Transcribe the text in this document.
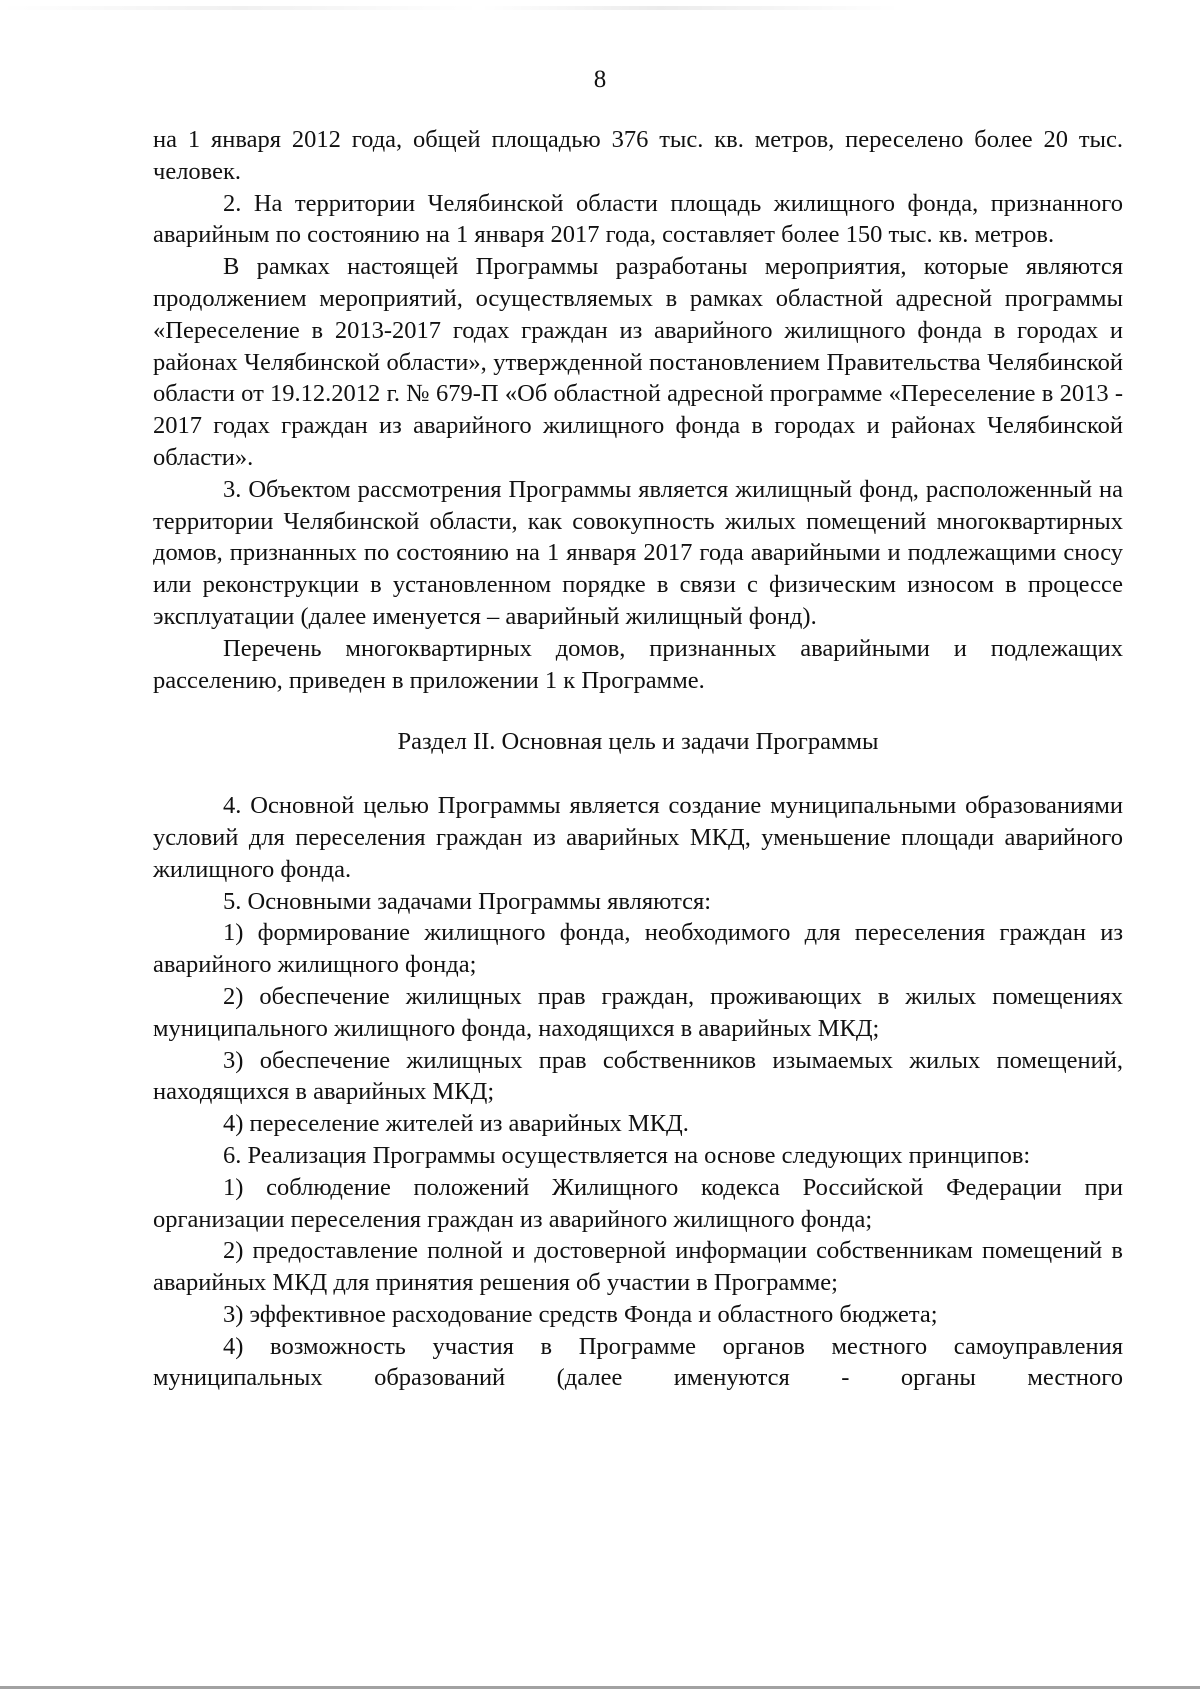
8

на 1 января 2012 года, общей площадью 376 тыс. кв. метров, переселено более 20 тыс. человек.

2. На территории Челябинской области площадь жилищного фонда, признанного аварийным по состоянию на 1 января 2017 года, составляет более 150 тыс. кв. метров.

В рамках настоящей Программы разработаны мероприятия, которые являются продолжением мероприятий, осуществляемых в рамках областной адресной программы «Переселение в 2013-2017 годах граждан из аварийного жилищного фонда в городах и районах Челябинской области», утвержденной постановлением Правительства Челябинской области от 19.12.2012 г. № 679-П «Об областной адресной программе «Переселение в 2013 - 2017 годах граждан из аварийного жилищного фонда в городах и районах Челябинской области».

3. Объектом рассмотрения Программы является жилищный фонд, расположенный на территории Челябинской области, как совокупность жилых помещений многоквартирных домов, признанных по состоянию на 1 января 2017 года аварийными и подлежащими сносу или реконструкции в установленном порядке в связи с физическим износом в процессе эксплуатации (далее именуется – аварийный жилищный фонд).

Перечень многоквартирных домов, признанных аварийными и подлежащих расселению, приведен в приложении 1 к Программе.

Раздел II. Основная цель и задачи Программы

4. Основной целью Программы является создание муниципальными образованиями условий для переселения граждан из аварийных МКД, уменьшение площади аварийного жилищного фонда.

5. Основными задачами Программы являются:

1) формирование жилищного фонда, необходимого для переселения граждан из аварийного жилищного фонда;

2) обеспечение жилищных прав граждан, проживающих в жилых помещениях муниципального жилищного фонда, находящихся в аварийных МКД;

3) обеспечение жилищных прав собственников изымаемых жилых помещений, находящихся в аварийных МКД;

4) переселение жителей из аварийных МКД.

6. Реализация Программы осуществляется на основе следующих принципов:

1) соблюдение положений Жилищного кодекса Российской Федерации при организации переселения граждан из аварийного жилищного фонда;

2) предоставление полной и достоверной информации собственникам помещений в аварийных МКД для принятия решения об участии в Программе;

3) эффективное расходование средств Фонда и областного бюджета;

4) возможность участия в Программе органов местного самоуправления муниципальных образований (далее именуются - органы местного
